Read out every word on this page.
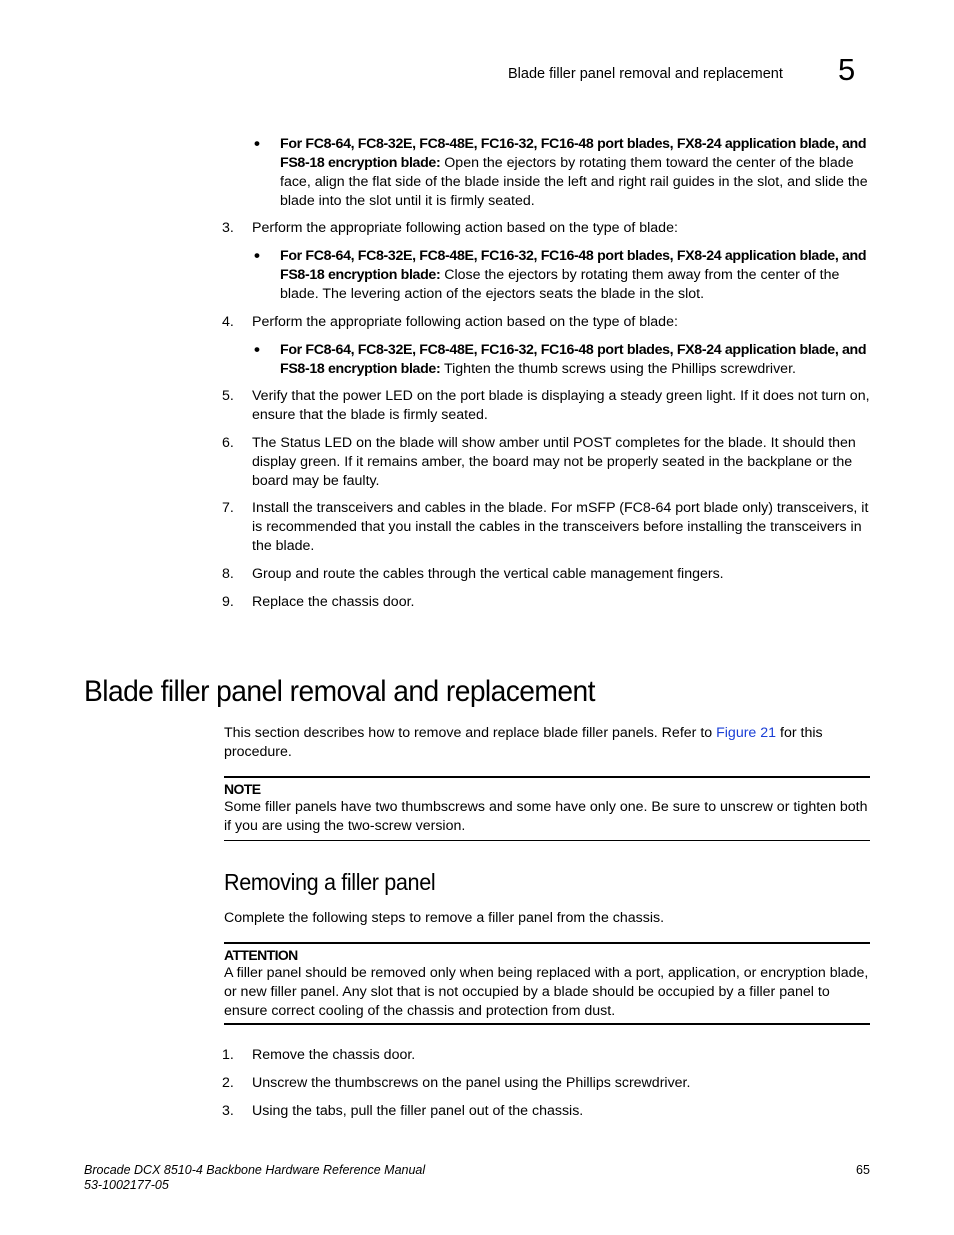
Blade filler panel removal and replacement 5
• For FC8-64, FC8-32E, FC8-48E, FC16-32, FC16-48 port blades, FX8-24 application blade, and FS8-18 encryption blade: Open the ejectors by rotating them toward the center of the blade face, align the flat side of the blade inside the left and right rail guides in the slot, and slide the blade into the slot until it is firmly seated.
3.	Perform the appropriate following action based on the type of blade:
• For FC8-64, FC8-32E, FC8-48E, FC16-32, FC16-48 port blades, FX8-24 application blade, and FS8-18 encryption blade: Close the ejectors by rotating them away from the center of the blade. The levering action of the ejectors seats the blade in the slot.
4.	Perform the appropriate following action based on the type of blade:
• For FC8-64, FC8-32E, FC8-48E, FC16-32, FC16-48 port blades, FX8-24 application blade, and FS8-18 encryption blade: Tighten the thumb screws using the Phillips screwdriver.
5.	Verify that the power LED on the port blade is displaying a steady green light. If it does not turn on, ensure that the blade is firmly seated.
6.	The Status LED on the blade will show amber until POST completes for the blade. It should then display green. If it remains amber, the board may not be properly seated in the backplane or the board may be faulty.
7.	Install the transceivers and cables in the blade. For mSFP (FC8-64 port blade only) transceivers, it is recommended that you install the cables in the transceivers before installing the transceivers in the blade.
8.	Group and route the cables through the vertical cable management fingers.
9.	Replace the chassis door.
Blade filler panel removal and replacement
This section describes how to remove and replace blade filler panels. Refer to Figure 21 for this procedure.
NOTE
Some filler panels have two thumbscrews and some have only one. Be sure to unscrew or tighten both if you are using the two-screw version.
Removing a filler panel
Complete the following steps to remove a filler panel from the chassis.
ATTENTION
A filler panel should be removed only when being replaced with a port, application, or encryption blade, or new filler panel. Any slot that is not occupied by a blade should be occupied by a filler panel to ensure correct cooling of the chassis and protection from dust.
1.	Remove the chassis door.
2.	Unscrew the thumbscrews on the panel using the Phillips screwdriver.
3.	Using the tabs, pull the filler panel out of the chassis.
Brocade DCX 8510-4 Backbone Hardware Reference Manual
53-1002177-05
65
